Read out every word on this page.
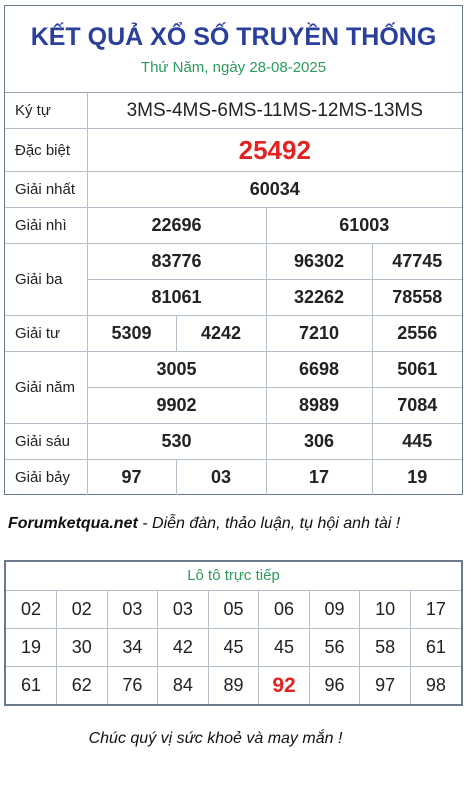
KẾT QUẢ XỔ SỐ TRUYỀN THỐNG
Thứ Năm, ngày 28-08-2025
Ký tự	3MS-4MS-6MS-11MS-12MS-13MS			
Đặc biệt	25492			
Giải nhất	60034			
Giải nhì	22696		61003	
Giải ba	83776		96302	47745
	81061		32262	78558
Giải tư	5309	4242	7210	2556
Giải năm	3005		6698	5061
	9902		8989	7084
Giải sáu	530		306	445
Giải bảy	97	03	17	19
Forumketqua.net - Diễn đàn, thảo luận, tụ hội anh tài !
Lô tô trực tiếp
02	02	03	03	05	06	09	10	17
19	30	34	42	45	45	56	58	61
61	62	76	84	89	92	96	97	98
Chúc quý vị sức khoẻ và may mắn !
